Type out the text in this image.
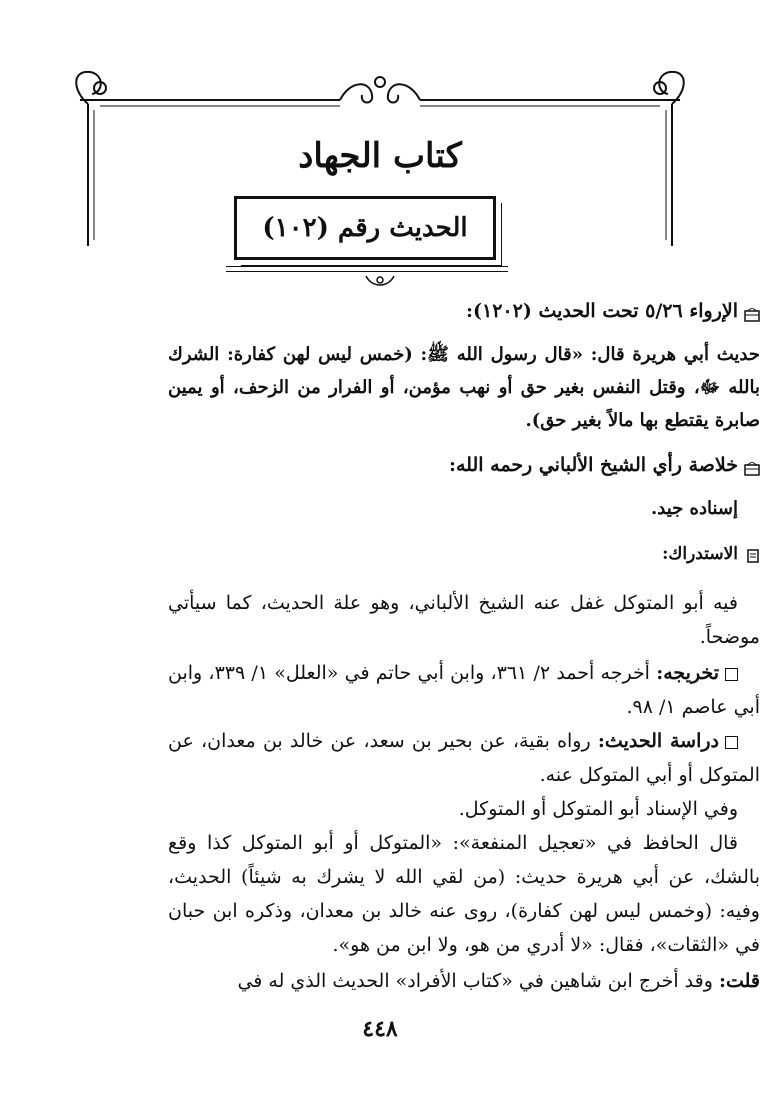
كتاب الجهاد
الحديث رقم (١٠٢)
الإرواء ٥/٢٦ تحت الحديث (١٢٠٢):
حديث أبي هريرة قال: «قال رسول الله ﷺ: (خمس ليس لهن كفارة: الشرك بالله ﷻ، وقتل النفس بغير حق أو نهب مؤمن، أو الفرار من الزحف، أو يمين صابرة يقتطع بها مالاً بغير حق).
خلاصة رأي الشيخ الألباني رحمه الله:
إسناده جيد.
الاستدراك:
فيه أبو المتوكل غفل عنه الشيخ الألباني، وهو علة الحديث، كما سيأتي موضحاً.
تخريجه: أخرجه أحمد ٢/ ٣٦١، وابن أبي حاتم في «العلل» ١/ ٣٣٩، وابن أبي عاصم ١/ ٩٨.
دراسة الحديث: رواه بقية، عن بحير بن سعد، عن خالد بن معدان، عن المتوكل أو أبي المتوكل عنه.
وفي الإسناد أبو المتوكل أو المتوكل.
قال الحافظ في «تعجيل المنفعة»: «المتوكل أو أبو المتوكل كذا وقع بالشك، عن أبي هريرة حديث: (من لقي الله لا يشرك به شيئاً) الحديث، وفيه: (وخمس ليس لهن كفارة)، روى عنه خالد بن معدان، وذكره ابن حبان في «الثقات»، فقال: «لا أدري من هو، ولا ابن من هو».
قلت: وقد أخرج ابن شاهين في «كتاب الأفراد» الحديث الذي له في
٤٤٨
